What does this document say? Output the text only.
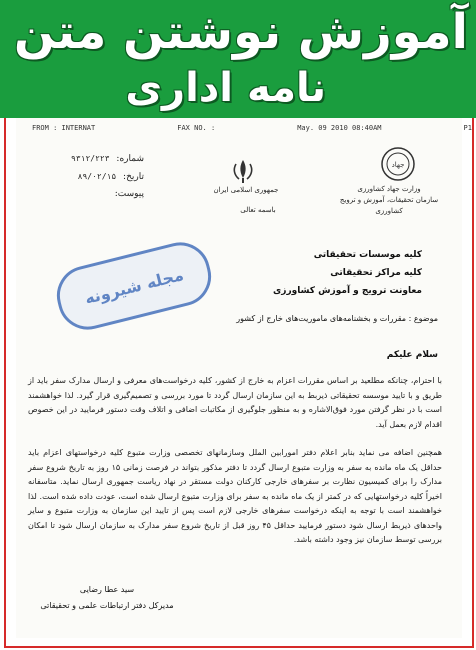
آموزش نوشتن متن
نامه اداری
FROM : INTERNAT	FAX NO. :	May. 09 2010 08:40AM	P1
شماره: ۹۳۱۲/۲۲۳
تاریخ: ۸۹/۰۲/۱۵
پیوست:	جمهوری اسلامی ایران
باسمه تعالی
جهاد
وزارت جهاد کشاورزی
سازمان تحقیقات، آموزش و ترویج کشاورزی
مجله شیرونه
کلیه موسسات تحقیقاتی
کلیه مراکز تحقیقاتی
معاونت ترویج و آموزش کشاورزی
موضوع : مقررات و بخشنامه‌های ماموریت‌های خارج از کشور
سلام علیکم
با احترام، چنانکه مطلعید بر اساس مقررات اعزام به خارج از کشور، کلیه درخواست‌های معرفی و ارسال مدارک سفر باید از طریق و با تایید موسسه تحقیقاتی ذیربط به این سازمان ارسال گردد تا مورد بررسی و تصمیم‌گیری قرار گیرد. لذا خواهشمند است با در نظر گرفتن مورد فوق‌الاشاره و به منظور جلوگیری از مکاتبات اضافی و اتلاف وقت دستور فرمایید در این خصوص اقدام لازم بعمل آید.
همچنین اضافه می نماید بنابر اعلام دفتر امورابین الملل وسازمانهای تخصصی وزارت متبوع کلیه درخواستهای اعزام باید حداقل یک ماه مانده به سفر به وزارت متبوع ارسال گردد تا دفتر مذکور بتواند در فرصت زمانی ۱۵ روز به تاریخ شروع سفر مدارک را برای کمیسیون نظارت بر سفرهای خارجی کارکنان دولت مستقر در نهاد ریاست جمهوری ارسال نماید. متاسفانه اخیراً کلیه درخواستهایی که در کمتر از یک ماه مانده به سفر برای وزارت متبوع ارسال شده است، عودت داده شده است. لذا خواهشمند است با توجه به اینکه درخواست سفرهای خارجی لازم است پس از تایید این سازمان به وزارت متبوع و سایر واحدهای ذیربط ارسال شود دستور فرمایید حداقل ۴۵ روز قبل از تاریخ شروع سفر مدارک به سازمان ارسال شود تا امکان بررسی توسط سازمان نیز وجود داشته باشد.
سید عطا رضایی
مدیرکل دفتر ارتباطات علمی و تحقیقاتی
